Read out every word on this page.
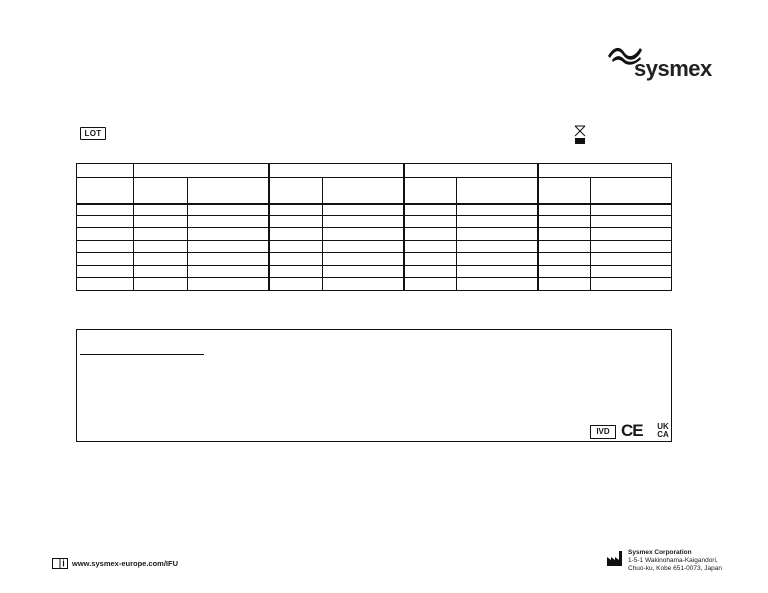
sysmex
LOT
IVD CE	UK
CA
www.sysmex-europe.com/IFU
Sysmex Corporation
1-5-1 Wakinohama-Kaigandori,
Chuo-ku, Kobe 651-0073, Japan
